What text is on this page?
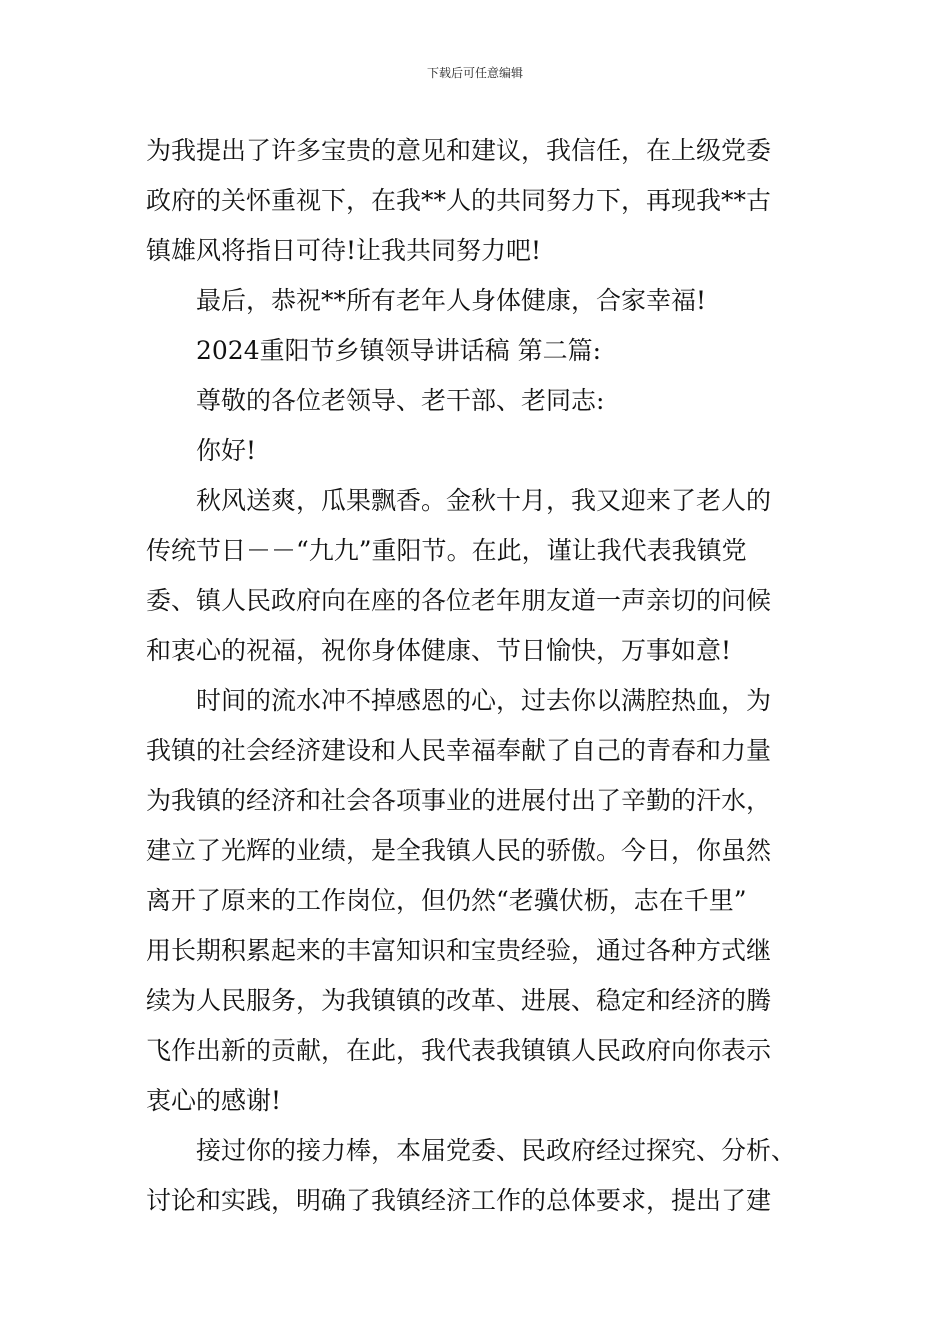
下载后可任意编辑
为我提出了许多宝贵的意见和建议，我信任，在上级党委
政府的关怀重视下，在我**人的共同努力下，再现我**古
镇雄风将指日可待!让我共同努力吧!
最后，恭祝**所有老年人身体健康，合家幸福!
2024重阳节乡镇领导讲话稿 第二篇:
尊敬的各位老领导、老干部、老同志:
你好!
秋风送爽，瓜果飘香。金秋十月，我又迎来了老人的
传统节日－－“九九”重阳节。在此，谨让我代表我镇党
委、镇人民政府向在座的各位老年朋友道一声亲切的问候
和衷心的祝福，祝你身体健康、节日愉快，万事如意!
时间的流水冲不掉感恩的心，过去你以满腔热血，为
我镇的社会经济建设和人民幸福奉献了自己的青春和力量
为我镇的经济和社会各项事业的进展付出了辛勤的汗水，
建立了光辉的业绩，是全我镇人民的骄傲。今日，你虽然
离开了原来的工作岗位，但仍然“老骥伏枥，志在千里”
用长期积累起来的丰富知识和宝贵经验，通过各种方式继
续为人民服务，为我镇镇的改革、进展、稳定和经济的腾
飞作出新的贡献，在此，我代表我镇镇人民政府向你表示
衷心的感谢!
接过你的接力棒，本届党委、民政府经过探究、分析、
讨论和实践，明确了我镇经济工作的总体要求，提出了建
